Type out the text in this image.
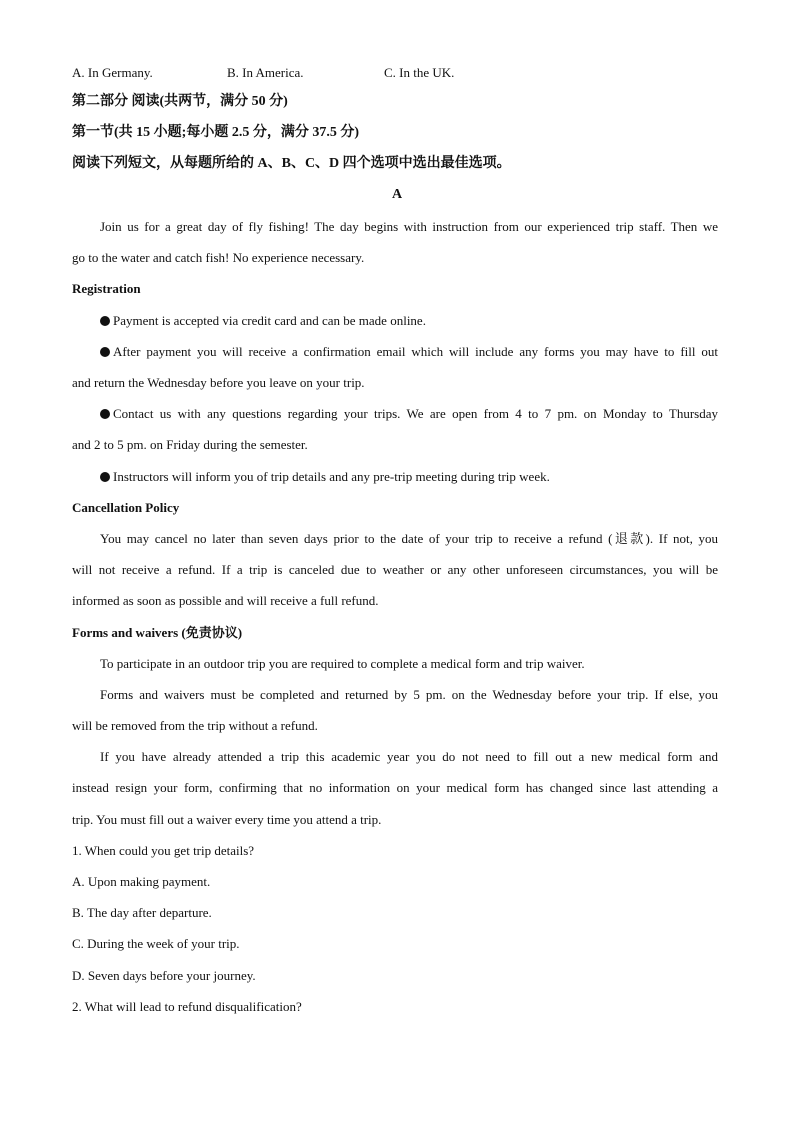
A. In Germany.	B. In America.	C. In the UK.
第二部分 阅读(共两节，满分 50 分)
第一节(共 15 小题;每小题 2.5 分，满分 37.5 分)
阅读下列短文，从每题所给的 A、B、C、D 四个选项中选出最佳选项。
A
Join us for a great day of fly fishing! The day begins with instruction from our experienced trip staff. Then we
go to the water and catch fish! No experience necessary.
Registration
Payment is accepted via credit card and can be made online.
After payment you will receive a confirmation email which will include any forms you may have to fill out
and return the Wednesday before you leave on your trip.
Contact us with any questions regarding your trips. We are open from 4 to 7 pm. on Monday to Thursday
and 2 to 5 pm. on Friday during the semester.
Instructors will inform you of trip details and any pre-trip meeting during trip week.
Cancellation Policy
You may cancel no later than seven days prior to the date of your trip to receive a refund (退款). If not, you
will not receive a refund. If a trip is canceled due to weather or any other unforeseen circumstances, you will be
informed as soon as possible and will receive a full refund.
Forms and waivers (免责协议)
To participate in an outdoor trip you are required to complete a medical form and trip waiver.
Forms and waivers must be completed and returned by 5 pm. on the Wednesday before your trip. If else, you
will be removed from the trip without a refund.
If you have already attended a trip this academic year you do not need to fill out a new medical form and
instead resign your form, confirming that no information on your medical form has changed since last attending a
trip. You must fill out a waiver every time you attend a trip.
1. When could you get trip details?
A. Upon making payment.
B. The day after departure.
C. During the week of your trip.
D. Seven days before your journey.
2. What will lead to refund disqualification?
